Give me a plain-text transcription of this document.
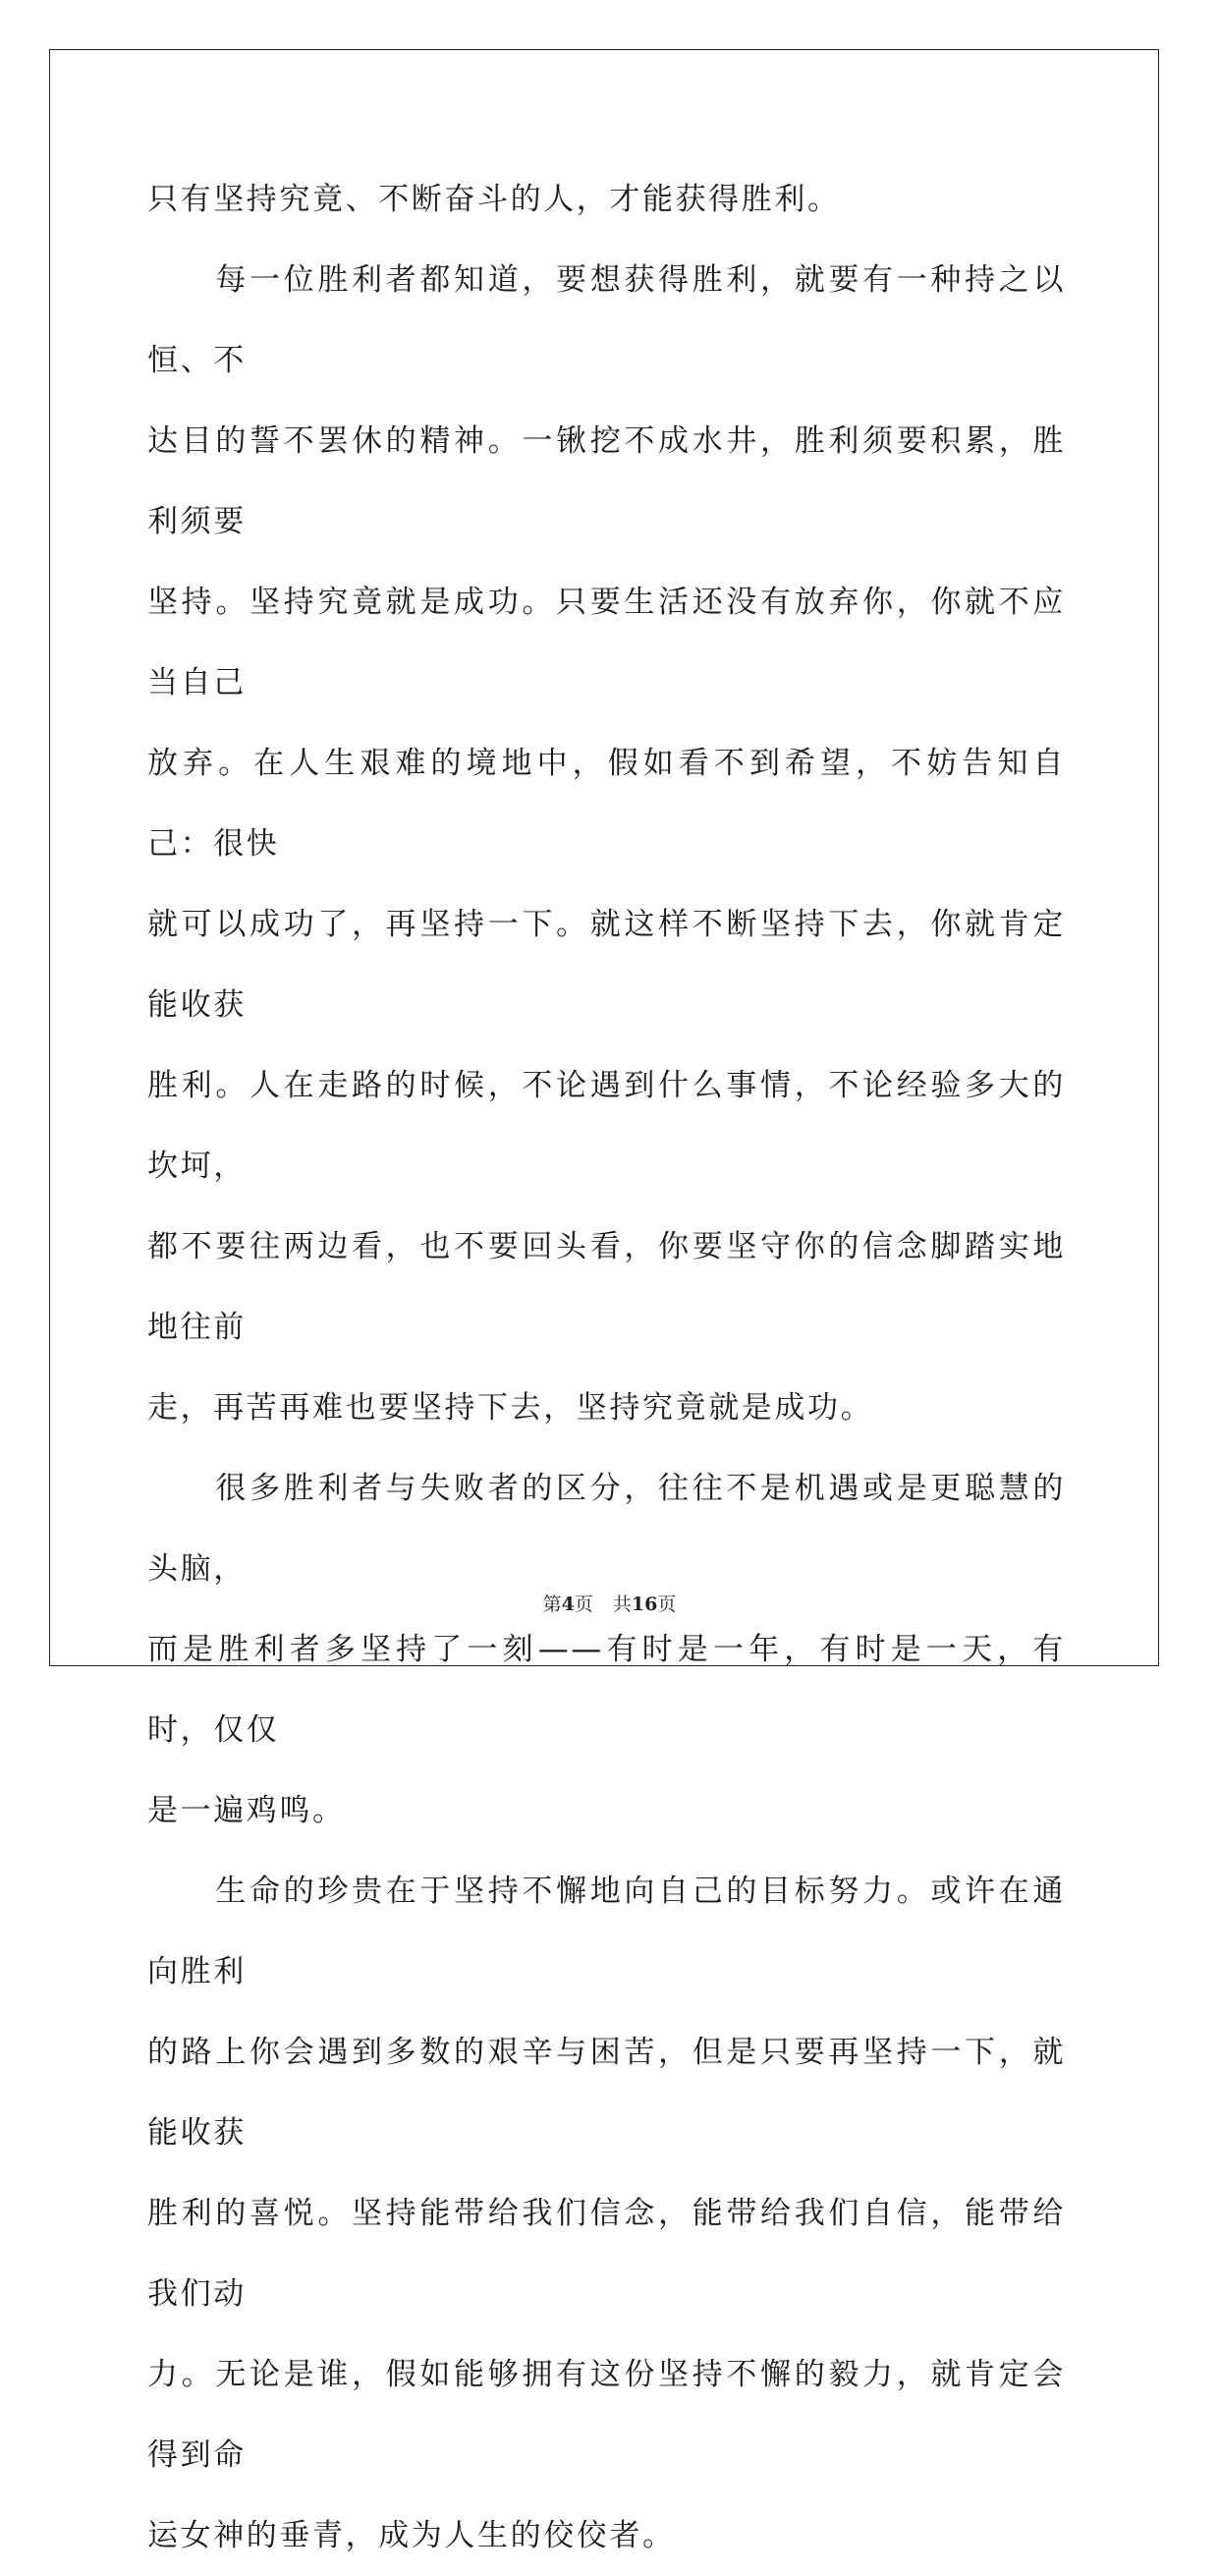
只有坚持究竟、不断奋斗的人，才能获得胜利。

　　每一位胜利者都知道，要想获得胜利，就要有一种持之以恒、不
达目的誓不罢休的精神。一锹挖不成水井，胜利须要积累，胜利须要
坚持。坚持究竟就是成功。只要生活还没有放弃你，你就不应当自己
放弃。在人生艰难的境地中，假如看不到希望，不妨告知自己：很快
就可以成功了，再坚持一下。就这样不断坚持下去，你就肯定能收获
胜利。人在走路的时候，不论遇到什么事情，不论经验多大的坎坷，
都不要往两边看，也不要回头看，你要坚守你的信念脚踏实地地往前
走，再苦再难也要坚持下去，坚持究竟就是成功。

　　很多胜利者与失败者的区分，往往不是机遇或是更聪慧的头脑，
而是胜利者多坚持了一刻——有时是一年，有时是一天，有时，仅仅
是一遍鸡鸣。

　　生命的珍贵在于坚持不懈地向自己的目标努力。或许在通向胜利
的路上你会遇到多数的艰辛与困苦，但是只要再坚持一下，就能收获
胜利的喜悦。坚持能带给我们信念，能带给我们自信，能带给我们动
力。无论是谁，假如能够拥有这份坚持不懈的毅力，就肯定会得到命
运女神的垂青，成为人生的佼佼者。

第4页 共16页
